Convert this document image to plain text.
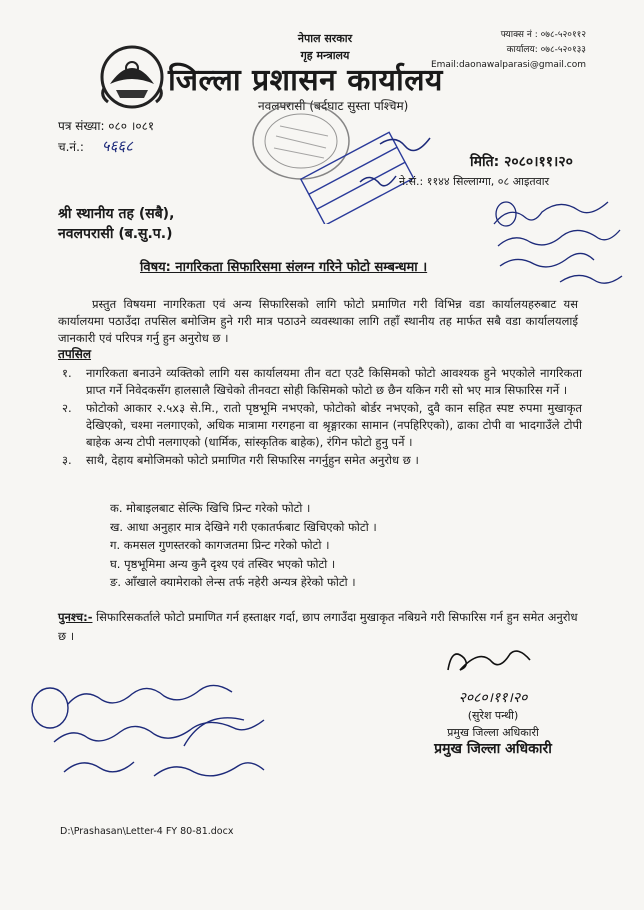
नेपाल सरकार
गृह मन्त्रालय
फ्याक्स नं : ०७८-५२०११२
कार्यालय: ०७८-५२०१३३
Email:daonawalparasi@gmail.com
जिल्ला प्रशासन कार्यालय
नवलपरासी (बर्दघाट सुस्ता पश्चिम)
पत्र संख्या: ०८० ।०८१
च.नं.: ५६६८
मिति: २०८०।११।२०
ने.सं.: ११४४ सिल्लाग्गा, ०८ आइतवार
श्री स्थानीय तह (सबै),
नवलपरासी (ब.सु.प.)
विषय: नागरिकता सिफारिसमा संलग्न गरिने फोटो सम्बन्धमा ।
प्रस्तुत विषयमा नागरिकता एवं अन्य सिफारिसको लागि फोटो प्रमाणित गरी विभिन्न वडा कार्यालयहरुबाट यस कार्यालयमा पठाउँदा तपसिल बमोजिम हुने गरी मात्र पठाउने व्यवस्थाका लागि तहाँ स्थानीय तह मार्फत सबै वडा कार्यालयलाई जानकारी एवं परिपत्र गर्नु हुन अनुरोध छ ।
तपसिल
१.	नागरिकता बनाउने व्यक्तिको लागि यस कार्यालयमा तीन वटा एउटै किसिमको फोटो आवश्यक हुने भएकोले नागरिकता प्राप्त गर्ने निवेदकसँग हालसालै खिचेको तीनवटा सोही किसिमको फोटो छ छैन यकिन गरी सो भए मात्र सिफारिस गर्ने ।
२.	फोटोको आकार २.५x३ से.मि., रातो पृष्ठभूमि नभएको, फोटोको बोर्डर नभएको, दुवै कान सहित स्पष्ट रुपमा मुखाकृत देखिएको, चश्मा नलगाएको, अधिक मात्रामा गरगहना वा श्रृङ्गारका सामान (नपहिरिएको), ढाका टोपी वा भादगाउँले टोपी बाहेक अन्य टोपी नलगाएको (धार्मिक, सांस्कृतिक बाहेक), रंगिन फोटो हुनु पर्ने ।
३.	साथै, देहाय बमोजिमको फोटो प्रमाणित गरी सिफारिस नगर्नुहुन समेत अनुरोध छ ।
क. मोबाइलबाट सेल्फि खिचि प्रिन्ट गरेको फोटो ।
ख. आधा अनुहार मात्र देखिने गरी एकातर्फबाट खिचिएको फोटो ।
ग. कमसल गुणस्तरको कागजतमा प्रिन्ट गरेको फोटो ।
घ. पृष्ठभूमिमा अन्य कुनै दृश्य एवं तस्विर भएको फोटो ।
ङ. आँखाले क्यामेराको लेन्स तर्फ नहेरी अन्यत्र हेरेको फोटो ।
पुनश्च:- सिफारिसकर्ताले फोटो प्रमाणित गर्न हस्ताक्षर गर्दा, छाप लगाउँदा मुखाकृत नबिग्रने गरी सिफारिस गर्न हुन समेत अनुरोध छ ।
२०८०।११।२०
(सुरेश पन्थी)
प्रमुख जिल्ला अधिकारी
प्रमुख जिल्ला अधिकारी
D:\Prashasan\Letter-4 FY 80-81.docx
